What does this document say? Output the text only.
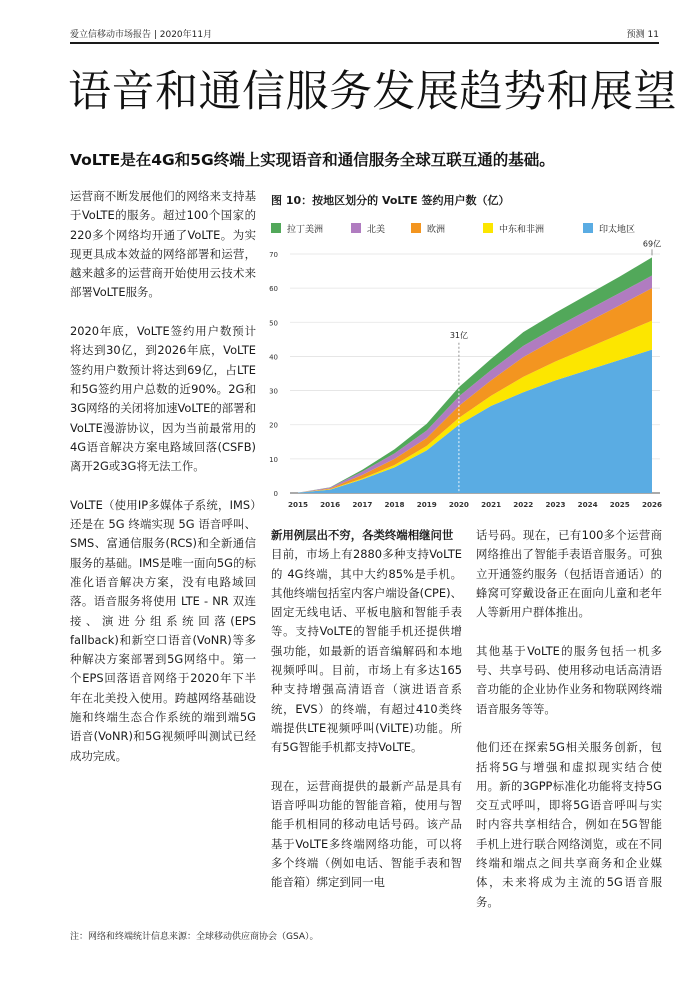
爱立信移动市场报告 | 2020年11月	预测 11
语音和通信服务发展趋势和展望
VoLTE是在4G和5G终端上实现语音和通信服务全球互联互通的基础。

运营商不断发展他们的网络来支持基于VoLTE的服务。超过100个国家的220多个网络均开通了VoLTE。为实现更具成本效益的网络部署和运营，越来越多的运营商开始使用云技术来部署VoLTE服务。

2020年底，VoLTE签约用户数预计将达到30亿，到2026年底，VoLTE签约用户数预计将达到69亿，占LTE和5G签约用户总数的近90%。2G和3G网络的关闭将加速VoLTE的部署和VoLTE漫游协议，因为当前最常用的4G语音解决方案电路域回落(CSFB)离开2G或3G将无法工作。

VoLTE（使用IP多媒体子系统，IMS）还是在 5G 终端实现 5G 语音呼叫、SMS、富通信服务(RCS)和全新通信服务的基础。IMS是唯一面向5G的标准化语音解决方案，没有电路域回落。语音服务将使用 LTE - NR 双连接、演进分组系统回落(EPS fallback)和新空口语音(VoNR)等多种解决方案部署到5G网络中。第一个EPS回落语音网络于2020年下半年在北美投入使用。跨越网络基础设施和终端生态合作系统的端到端5G语音(VoNR)和5G视频呼叫测试已经成功完成。

图 10：按地区划分的 VoLTE 签约用户数（亿）
拉丁美洲	北美	欧洲	中东和非洲	印太地区
0
10
20
30
40
50
60
70
2015 2016 2017 2018 2019 2020 2021 2022 2023 2024 2025 2026
31亿
69亿

新用例层出不穷，各类终端相继问世
目前，市场上有2880多种支持VoLTE的 4G终端，其中大约85%是手机。其他终端包括室内客户端设备(CPE)、固定无线电话、平板电脑和智能手表等。支持VoLTE的智能手机还提供增强功能，如最新的语音编解码和本地视频呼叫。目前，市场上有多达165种支持增强高清语音（演进语音系统，EVS）的终端，有超过410类终端提供LTE视频呼叫(ViLTE)功能。所有5G智能手机都支持VoLTE。

现在，运营商提供的最新产品是具有语音呼叫功能的智能音箱，使用与智能手机相同的移动电话号码。该产品基于VoLTE多终端网络功能，可以将多个终端（例如电话、智能手表和智能音箱）绑定到同一电

话号码。现在，已有100多个运营商网络推出了智能手表语音服务。可独立开通签约服务（包括语音通话）的蜂窝可穿戴设备正在面向儿童和老年人等新用户群体推出。

其他基于VoLTE的服务包括一机多号、共享号码、使用移动电话高清语音功能的企业协作业务和物联网终端语音服务等等。

他们还在探索5G相关服务创新，包括将5G与增强和虚拟现实结合使用。新的3GPP标准化功能将支持5G交互式呼叫，即将5G语音呼叫与实时内容共享相结合，例如在5G智能手机上进行联合网络浏览，或在不同终端和端点之间共享商务和企业媒体，未来将成为主流的5G语音服务。

注：网络和终端统计信息来源：全球移动供应商协会（GSA）。
